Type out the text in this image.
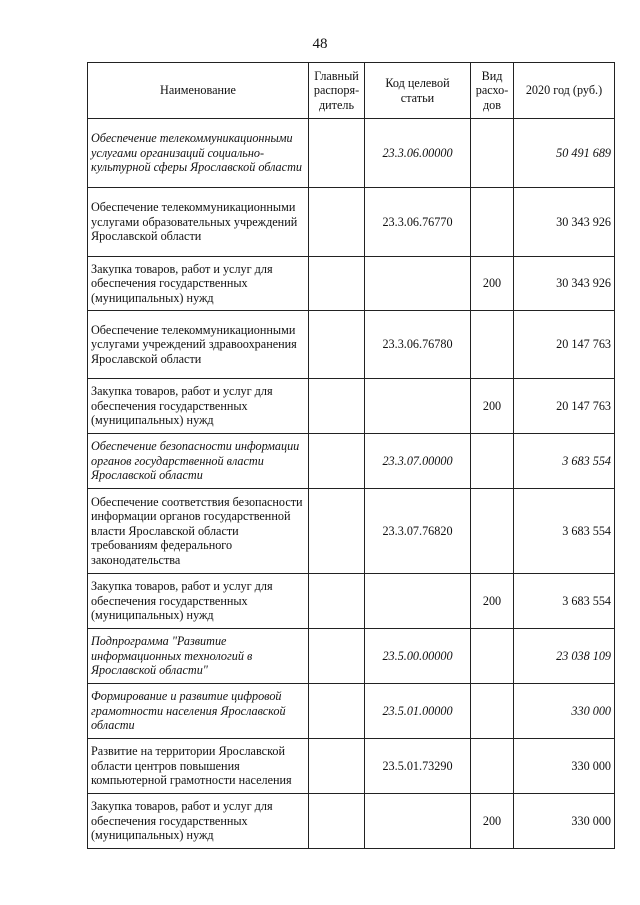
48
Наименование	Главный распоря-дитель	Код целевой статьи	Вид расхо-дов	2020 год (руб.)
Обеспечение телекоммуникационными услугами организаций социально-культурной сферы Ярославской области		23.3.06.00000		50 491 689
Обеспечение телекоммуникационными услугами образовательных учреждений Ярославской области		23.3.06.76770		30 343 926
Закупка товаров, работ и услуг для обеспечения государственных (муниципальных) нужд			200	30 343 926
Обеспечение телекоммуникационными услугами учреждений здравоохранения Ярославской области		23.3.06.76780		20 147 763
Закупка товаров, работ и услуг для обеспечения государственных (муниципальных) нужд			200	20 147 763
Обеспечение безопасности информации органов государственной власти Ярославской области		23.3.07.00000		3 683 554
Обеспечение соответствия безопасности информации органов государственной власти Ярославской области требованиям федерального законодательства		23.3.07.76820		3 683 554
Закупка товаров, работ и услуг для обеспечения государственных (муниципальных) нужд			200	3 683 554
Подпрограмма "Развитие информационных технологий в Ярославской области"		23.5.00.00000		23 038 109
Формирование и развитие цифровой грамотности населения Ярославской области		23.5.01.00000		330 000
Развитие на территории Ярославской области центров повышения компьютерной грамотности населения		23.5.01.73290		330 000
Закупка товаров, работ и услуг для обеспечения государственных (муниципальных) нужд			200	330 000
